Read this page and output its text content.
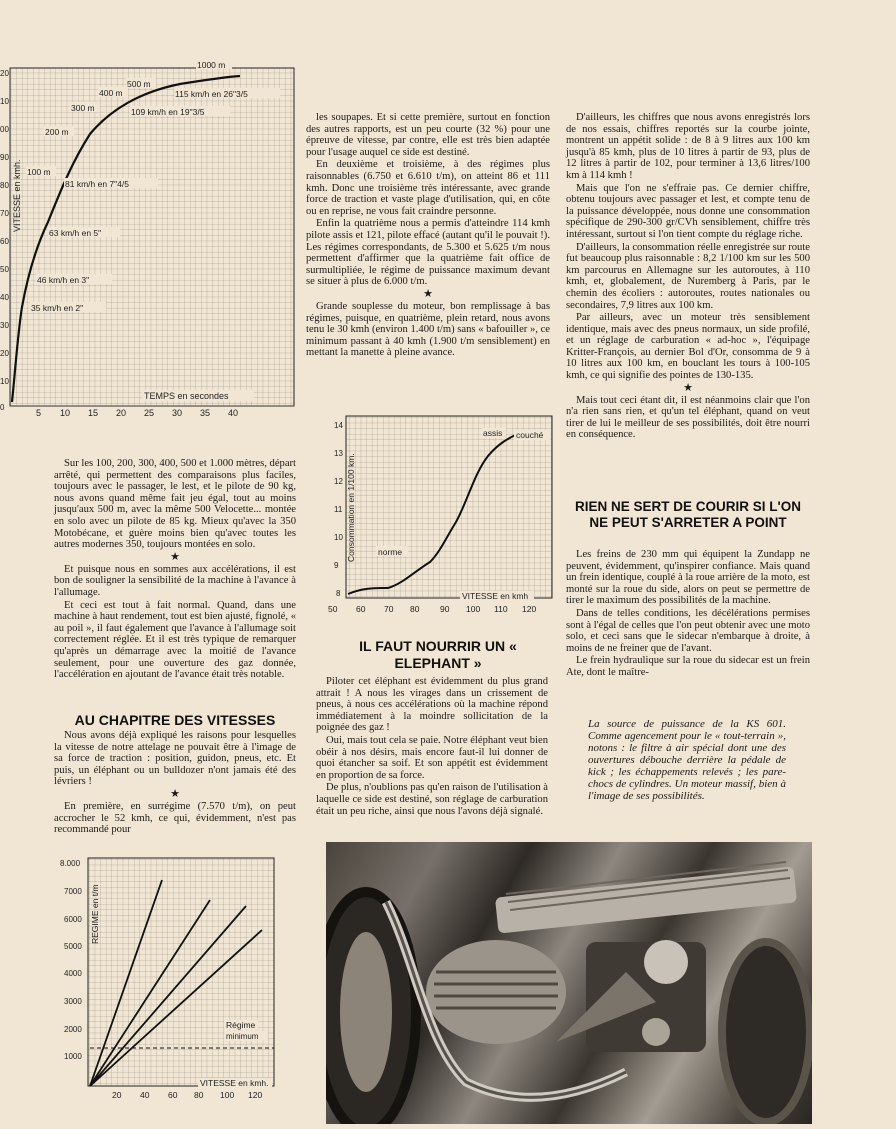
20
10
00
90
80
70
60
50
40
30
20
10
0
5 10 15 20 25 30 35 40
VITESSE en kmh.
TEMPS en secondes
100 m
200 m
300 m
400 m
500 m
1000 m
35 km/h en 2"
46 km/h en 3"
63 km/h en 5"
81 km/h en 7"4/5
109 km/h en 19"3/5
115 km/h en 26"3/5

les soupapes. Et si cette première, surtout en fonction des autres rapports, est un peu courte (32 %) pour une épreuve de vitesse, par contre, elle est très bien adaptée pour l'usage auquel ce side est destiné.

En deuxième et troisième, à des régimes plus raisonnables (6.750 et 6.610 t/m), on atteint 86 et 111 kmh. Donc une troisième très intéressante, avec grande force de traction et vaste plage d'utilisation, qui, en côte ou en reprise, ne vous fait craindre personne.

Enfin la quatrième nous a permis d'atteindre 114 kmh pilote assis et 121, pilote effacé (autant qu'il le pouvait !). Les régimes correspondants, de 5.300 et 5.625 t/m nous permettent d'affirmer que la quatrième fait office de surmultipliée, le régime de puissance maximum devant se situer à plus de 6.000 t/m.

★

Grande souplesse du moteur, bon remplissage à bas régimes, puisque, en quatrième, plein retard, nous avons tenu le 30 kmh (environ 1.400 t/m) sans « bafouiller », ce minimum passant à 40 kmh (1.900 t/m sensiblement) en mettant la manette à pleine avance.

D'ailleurs, les chiffres que nous avons enregistrés lors de nos essais, chiffres reportés sur la courbe jointe, montrent un appétit solide : de 8 à 9 litres aux 100 km jusqu'à 85 kmh, plus de 10 litres à partir de 93, plus de 12 litres à partir de 102, pour terminer à 13,6 litres/100 km à 114 kmh !

Mais que l'on ne s'effraie pas. Ce dernier chiffre, obtenu toujours avec passager et lest, et compte tenu de la puissance développée, nous donne une consommation spécifique de 290-300 gr/CVh sensiblement, chiffre très intéressant, surtout si l'on tient compte du réglage riche.

D'ailleurs, la consommation réelle enregistrée sur route fut beaucoup plus raisonnable : 8,2 1/100 km sur les 500 km parcourus en Allemagne sur les autoroutes, à 110 kmh, et, globalement, de Nuremberg à Paris, par le chemin des écoliers : autoroutes, routes nationales ou secondaires, 7,9 litres aux 100 km.

Par ailleurs, avec un moteur très sensiblement identique, mais avec des pneus normaux, un side profilé, et un réglage de carburation « ad-hoc », l'équipage Kritter-François, au dernier Bol d'Or, consomma de 9 à 10 litres aux 100 km, en bouclant les tours à 100-105 kmh, ce qui signifie des pointes de 130-135.

★

Mais tout ceci étant dit, il est néanmoins clair que l'on n'a rien sans rien, et qu'un tel éléphant, quand on veut tirer de lui le meilleur de ses possibilités, doit être nourri en conséquence.

RIEN NE SERT DE COURIR SI L'ON NE PEUT S'ARRETER A POINT

Les freins de 230 mm qui équipent la Zundapp ne peuvent, évidemment, qu'inspirer confiance. Mais quand un frein identique, couplé à la roue arrière de la moto, est monté sur la roue du side, alors on peut se permettre de tirer le maximum des possibilités de la machine.

Dans de telles conditions, les décélérations permises sont à l'égal de celles que l'on peut obtenir avec une moto solo, et ceci sans que le sidecar n'embarque à droite, à moins de ne freiner que de l'avant.

Le frein hydraulique sur la roue du sidecar est un frein Ate, dont le maître-

14
13
12
11
10
9
8
50 60 70 80 90 100 110 120
Consommation en 1/100 km.
VITESSE en kmh
assis couché
norme
IL FAUT NOURRIR UN « ELEPHANT »

Piloter cet éléphant est évidemment du plus grand attrait ! A nous les virages dans un crissement de pneus, à nous ces accélérations où la machine répond immédiatement à la moindre sollicitation de la poignée des gaz !

Oui, mais tout cela se paie. Notre éléphant veut bien obéir à nos désirs, mais encore faut-il lui donner de quoi étancher sa soif. Et son appétit est évidemment en proportion de sa force.

De plus, n'oublions pas qu'en raison de l'utilisation à laquelle ce side est destiné, son réglage de carburation était un peu riche, ainsi que nous l'avons déjà signalé.

Sur les 100, 200, 300, 400, 500 et 1.000 mètres, départ arrêté, qui permettent des comparaisons plus faciles, toujours avec le passager, le lest, et le pilote de 90 kg, nous avons quand même fait jeu égal, tout au moins jusqu'aux 500 m, avec la même 500 Velocette... montée en solo avec un pilote de 85 kg. Mieux qu'avec la 350 Motobécane, et guère moins bien qu'avec toutes les autres modernes 350, toujours montées en solo.

★

Et puisque nous en sommes aux accélérations, il est bon de souligner la sensibilité de la machine à l'avance à l'allumage.

Et ceci est tout à fait normal. Quand, dans une machine à haut rendement, tout est bien ajusté, fignolé, « au poil », il faut également que l'avance à l'allumage soit correctement réglée. Et il est très typique de remarquer qu'après un démarrage avec la moitié de l'avance seulement, pour une ouverture des gaz donnée, l'accélération en ajoutant de l'avance était très notable.

AU CHAPITRE DES VITESSES

Nous avons déjà expliqué les raisons pour lesquelles la vitesse de notre attelage ne pouvait être à l'image de sa force de traction : position, guidon, pneus, etc. Et puis, un éléphant ou un bulldozer n'ont jamais été des lévriers !

★

En première, en surrégime (7.570 t/m), on peut accrocher le 52 kmh, ce qui, évidemment, n'est pas recommandé pour

8.000
7000
6000
5000
4000
3000
2000
1000
20 40 60 80 100 120
REGIME en t/m
VITESSE en kmh.
Régime
minimum
La source de puissance de la KS 601. Comme agencement pour le « tout-terrain », notons : le filtre à air spécial dont une des ouvertures débouche derrière la pédale de kick ; les échappements relevés ; les pare-chocs de cylindres. Un moteur massif, bien à l'image de ses possibilités.
